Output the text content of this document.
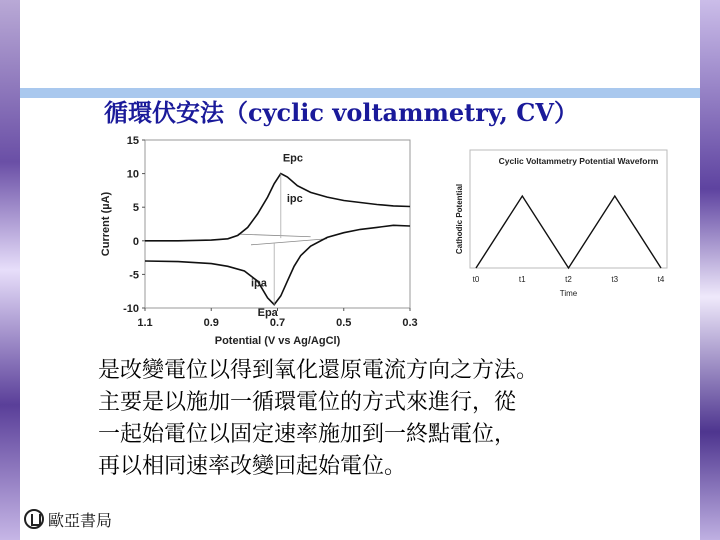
循環伏安法（cyclic voltammetry, CV）
15
10
5
0
-5
-10
1.1	0.9	0.7	0.5	0.3
Potential (V vs Ag/AgCl)
Current (µA)
Epc
ipc
ipa
Epa
Cyclic Voltammetry Potential Waveform
t0	t1	t2	t3	t4
Time
Cathodic Potential
是改變電位以得到氧化還原電流方向之方法。
主要是以施加一循環電位的方式來進行，從
一起始電位以固定速率施加到一終點電位，
再以相同速率改變回起始電位。
歐亞書局
